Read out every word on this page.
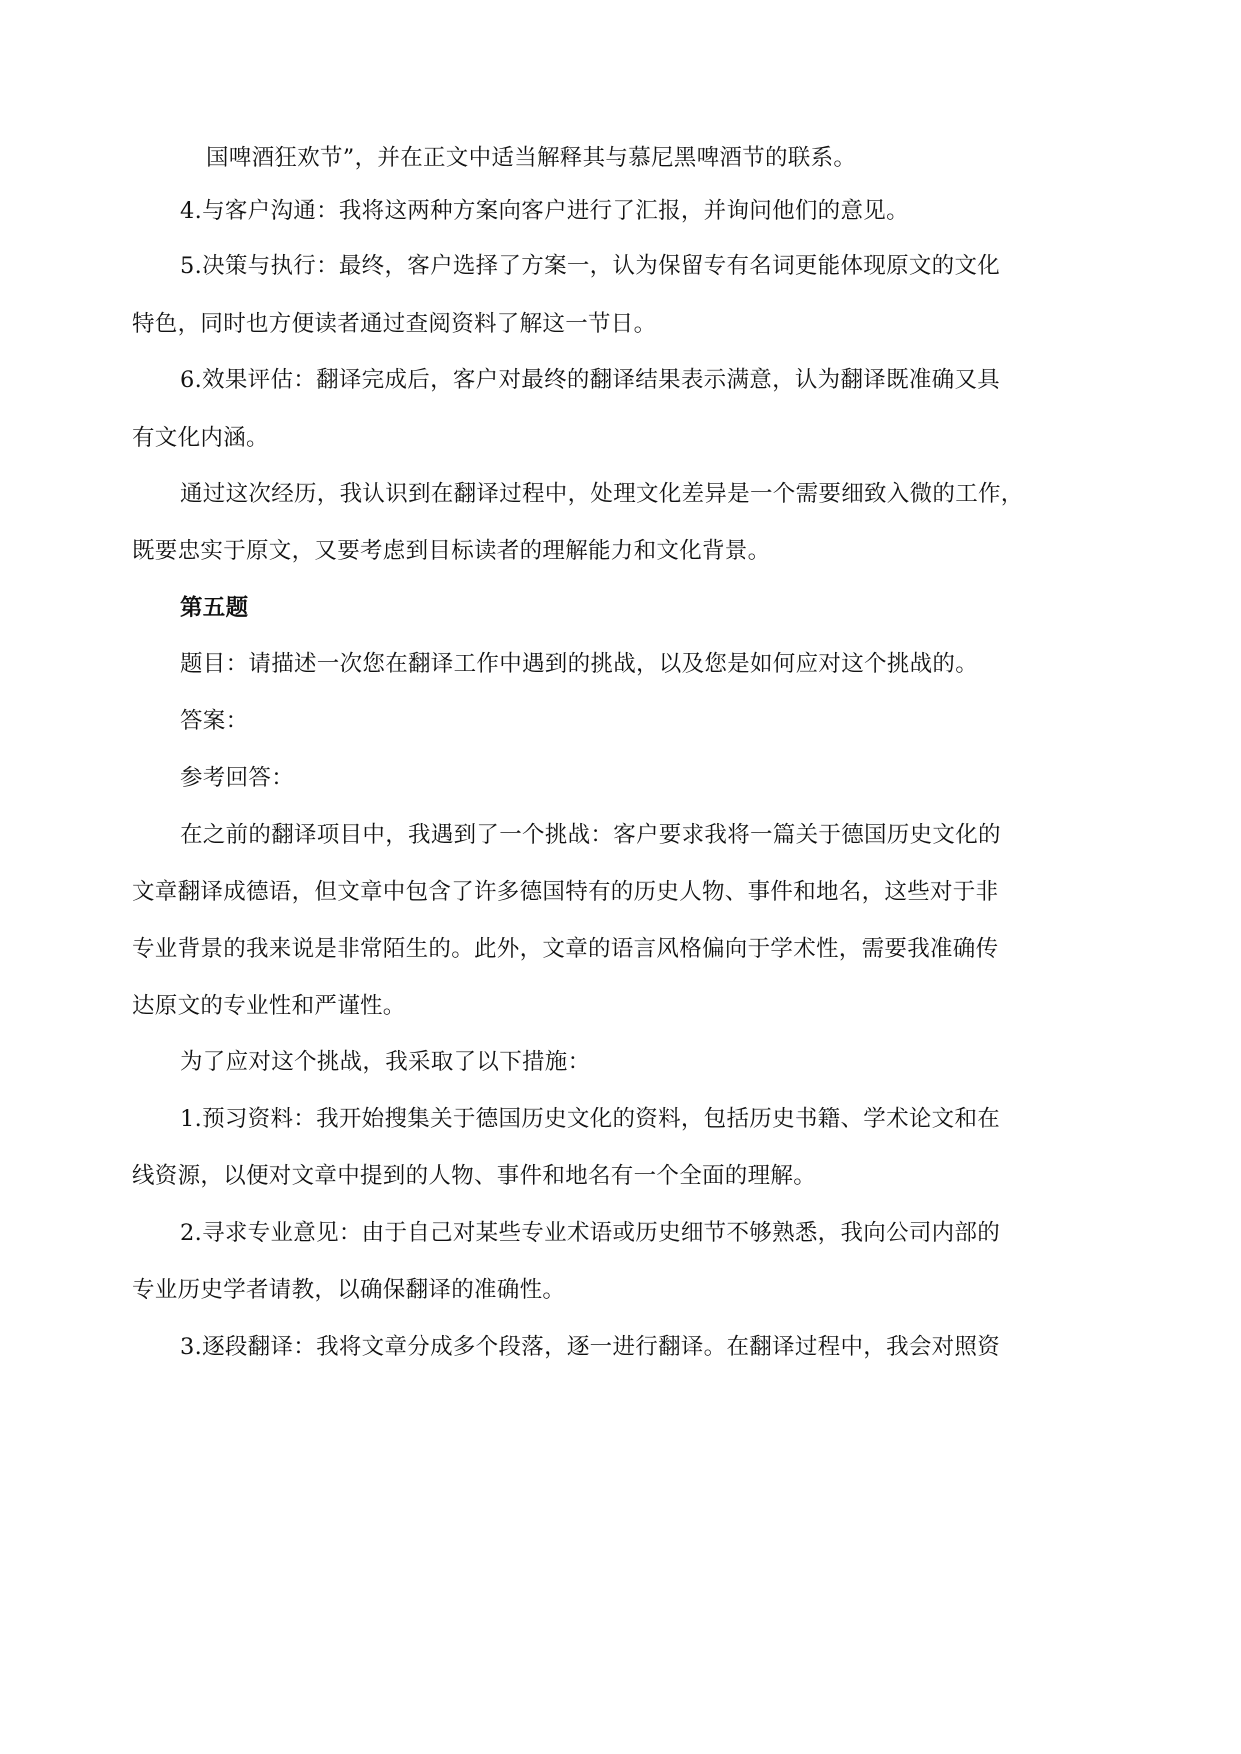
国啤酒狂欢节”，并在正文中适当解释其与慕尼黑啤酒节的联系。
4.与客户沟通：我将这两种方案向客户进行了汇报，并询问他们的意见。
5.决策与执行：最终，客户选择了方案一，认为保留专有名词更能体现原文的文化
特色，同时也方便读者通过查阅资料了解这一节日。
6.效果评估：翻译完成后，客户对最终的翻译结果表示满意，认为翻译既准确又具
有文化内涵。
通过这次经历，我认识到在翻译过程中，处理文化差异是一个需要细致入微的工作，
既要忠实于原文，又要考虑到目标读者的理解能力和文化背景。
第五题
题目：请描述一次您在翻译工作中遇到的挑战，以及您是如何应对这个挑战的。
答案：
参考回答：
在之前的翻译项目中，我遇到了一个挑战：客户要求我将一篇关于德国历史文化的
文章翻译成德语，但文章中包含了许多德国特有的历史人物、事件和地名，这些对于非
专业背景的我来说是非常陌生的。此外，文章的语言风格偏向于学术性，需要我准确传
达原文的专业性和严谨性。
为了应对这个挑战，我采取了以下措施：
1.预习资料：我开始搜集关于德国历史文化的资料，包括历史书籍、学术论文和在
线资源，以便对文章中提到的人物、事件和地名有一个全面的理解。
2.寻求专业意见：由于自己对某些专业术语或历史细节不够熟悉，我向公司内部的
专业历史学者请教，以确保翻译的准确性。
3.逐段翻译：我将文章分成多个段落，逐一进行翻译。在翻译过程中，我会对照资
